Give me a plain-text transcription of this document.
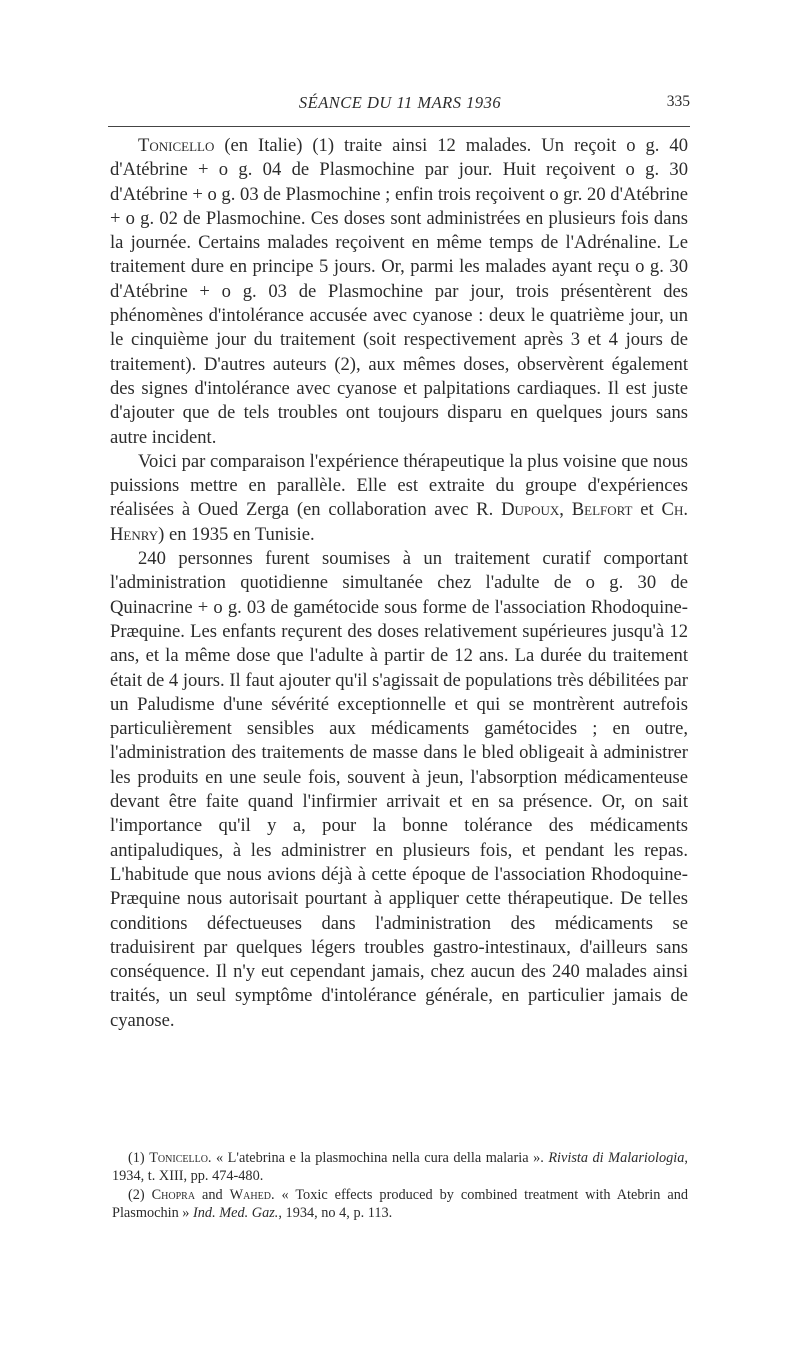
SÉANCE DU 11 MARS 1936	335

Tonicello (en Italie) (1) traite ainsi 12 malades. Un reçoit o g. 40 d'Atébrine + o g. 04 de Plasmochine par jour. Huit reçoivent o g. 30 d'Atébrine + o g. 03 de Plasmochine ; enfin trois reçoivent o gr. 20 d'Atébrine + o g. 02 de Plasmochine. Ces doses sont administrées en plusieurs fois dans la journée. Certains malades reçoivent en même temps de l'Adrénaline. Le traitement dure en principe 5 jours. Or, parmi les malades ayant reçu o g. 30 d'Atébrine + o g. 03 de Plasmochine par jour, trois présentèrent des phénomènes d'intolérance accusée avec cyanose : deux le quatrième jour, un le cinquième jour du traitement (soit respectivement après 3 et 4 jours de traitement). D'autres auteurs (2), aux mêmes doses, observèrent également des signes d'intolérance avec cyanose et palpitations cardiaques. Il est juste d'ajouter que de tels troubles ont toujours disparu en quelques jours sans autre incident.

Voici par comparaison l'expérience thérapeutique la plus voisine que nous puissions mettre en parallèle. Elle est extraite du groupe d'expériences réalisées à Oued Zerga (en collaboration avec R. Dupoux, Belfort et Ch. Henry) en 1935 en Tunisie.

240 personnes furent soumises à un traitement curatif comportant l'administration quotidienne simultanée chez l'adulte de o g. 30 de Quinacrine + o g. 03 de gamétocide sous forme de l'association Rhodoquine-Præquine. Les enfants reçurent des doses relativement supérieures jusqu'à 12 ans, et la même dose que l'adulte à partir de 12 ans. La durée du traitement était de 4 jours. Il faut ajouter qu'il s'agissait de populations très débilitées par un Paludisme d'une sévérité exceptionnelle et qui se montrèrent autrefois particulièrement sensibles aux médicaments gamétocides ; en outre, l'administration des traitements de masse dans le bled obligeait à administrer les produits en une seule fois, souvent à jeun, l'absorption médicamenteuse devant être faite quand l'infirmier arrivait et en sa présence. Or, on sait l'importance qu'il y a, pour la bonne tolérance des médicaments antipaludiques, à les administrer en plusieurs fois, et pendant les repas. L'habitude que nous avions déjà à cette époque de l'association Rhodoquine-Præquine nous autorisait pourtant à appliquer cette thérapeutique. De telles conditions défectueuses dans l'administration des médicaments se traduisirent par quelques légers troubles gastro-intestinaux, d'ailleurs sans conséquence. Il n'y eut cependant jamais, chez aucun des 240 malades ainsi traités, un seul symptôme d'intolérance générale, en particulier jamais de cyanose.

(1) Tonicello. « L'atebrina e la plasmochina nella cura della malaria ». Rivista di Malariologia, 1934, t. XIII, pp. 474-480.

(2) Chopra and Wahed. « Toxic effects produced by combined treatment with Atebrin and Plasmochin » Ind. Med. Gaz., 1934, no 4, p. 113.
